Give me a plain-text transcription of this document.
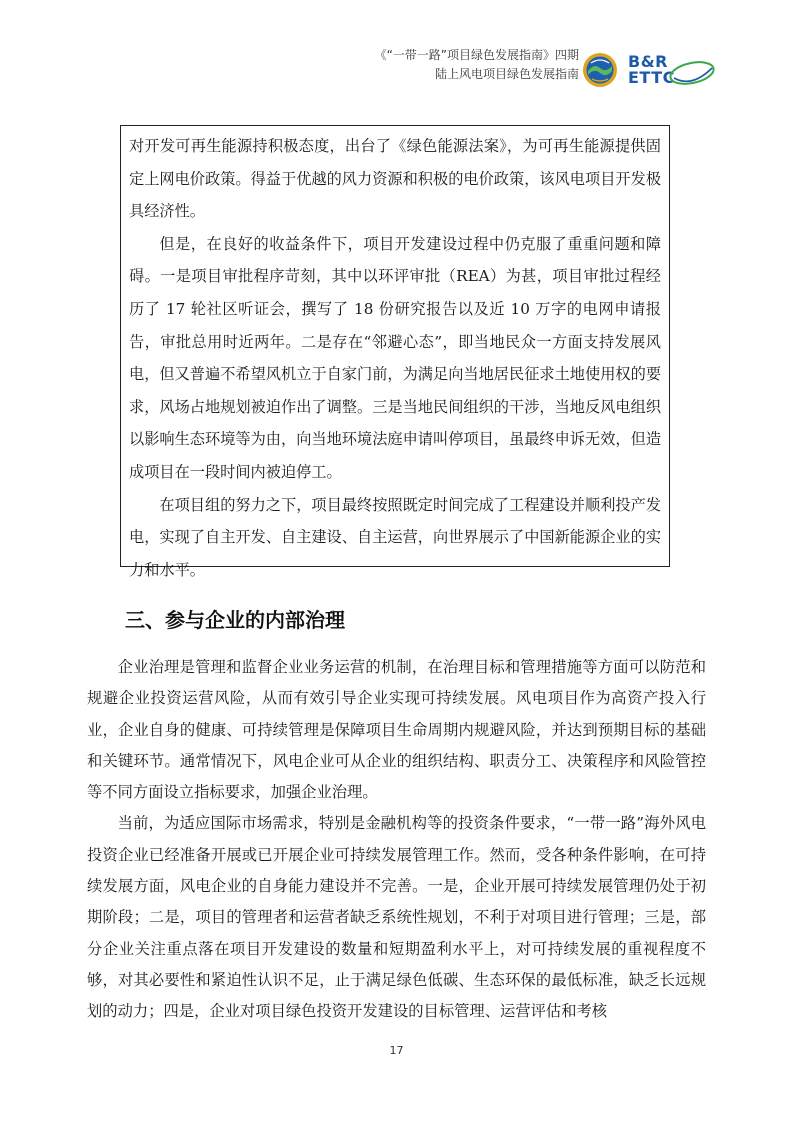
《“一带一路”项目绿色发展指南》四期
陆上风电项目绿色发展指南
B&R
ETTC

对开发可再生能源持积极态度，出台了《绿色能源法案》，为可再生能源提供固定上网电价政策。得益于优越的风力资源和积极的电价政策，该风电项目开发极具经济性。

但是，在良好的收益条件下，项目开发建设过程中仍克服了重重问题和障碍。一是项目审批程序苛刻，其中以环评审批（REA）为甚，项目审批过程经历了 17 轮社区听证会，撰写了 18 份研究报告以及近 10 万字的电网申请报告，审批总用时近两年。二是存在“邻避心态”，即当地民众一方面支持发展风电，但又普遍不希望风机立于自家门前，为满足向当地居民征求土地使用权的要求，风场占地规划被迫作出了调整。三是当地民间组织的干涉，当地反风电组织以影响生态环境等为由，向当地环境法庭申请叫停项目，虽最终申诉无效，但造成项目在一段时间内被迫停工。

在项目组的努力之下，项目最终按照既定时间完成了工程建设并顺利投产发电，实现了自主开发、自主建设、自主运营，向世界展示了中国新能源企业的实力和水平。

三、参与企业的内部治理

企业治理是管理和监督企业业务运营的机制，在治理目标和管理措施等方面可以防范和规避企业投资运营风险，从而有效引导企业实现可持续发展。风电项目作为高资产投入行业，企业自身的健康、可持续管理是保障项目生命周期内规避风险，并达到预期目标的基础和关键环节。通常情况下，风电企业可从企业的组织结构、职责分工、决策程序和风险管控等不同方面设立指标要求，加强企业治理。

当前，为适应国际市场需求，特别是金融机构等的投资条件要求，“一带一路”海外风电投资企业已经准备开展或已开展企业可持续发展管理工作。然而，受各种条件影响，在可持续发展方面，风电企业的自身能力建设并不完善。一是，企业开展可持续发展管理仍处于初期阶段；二是，项目的管理者和运营者缺乏系统性规划，不利于对项目进行管理；三是，部分企业关注重点落在项目开发建设的数量和短期盈利水平上，对可持续发展的重视程度不够，对其必要性和紧迫性认识不足，止于满足绿色低碳、生态环保的最低标准，缺乏长远规划的动力；四是，企业对项目绿色投资开发建设的目标管理、运营评估和考核

17
